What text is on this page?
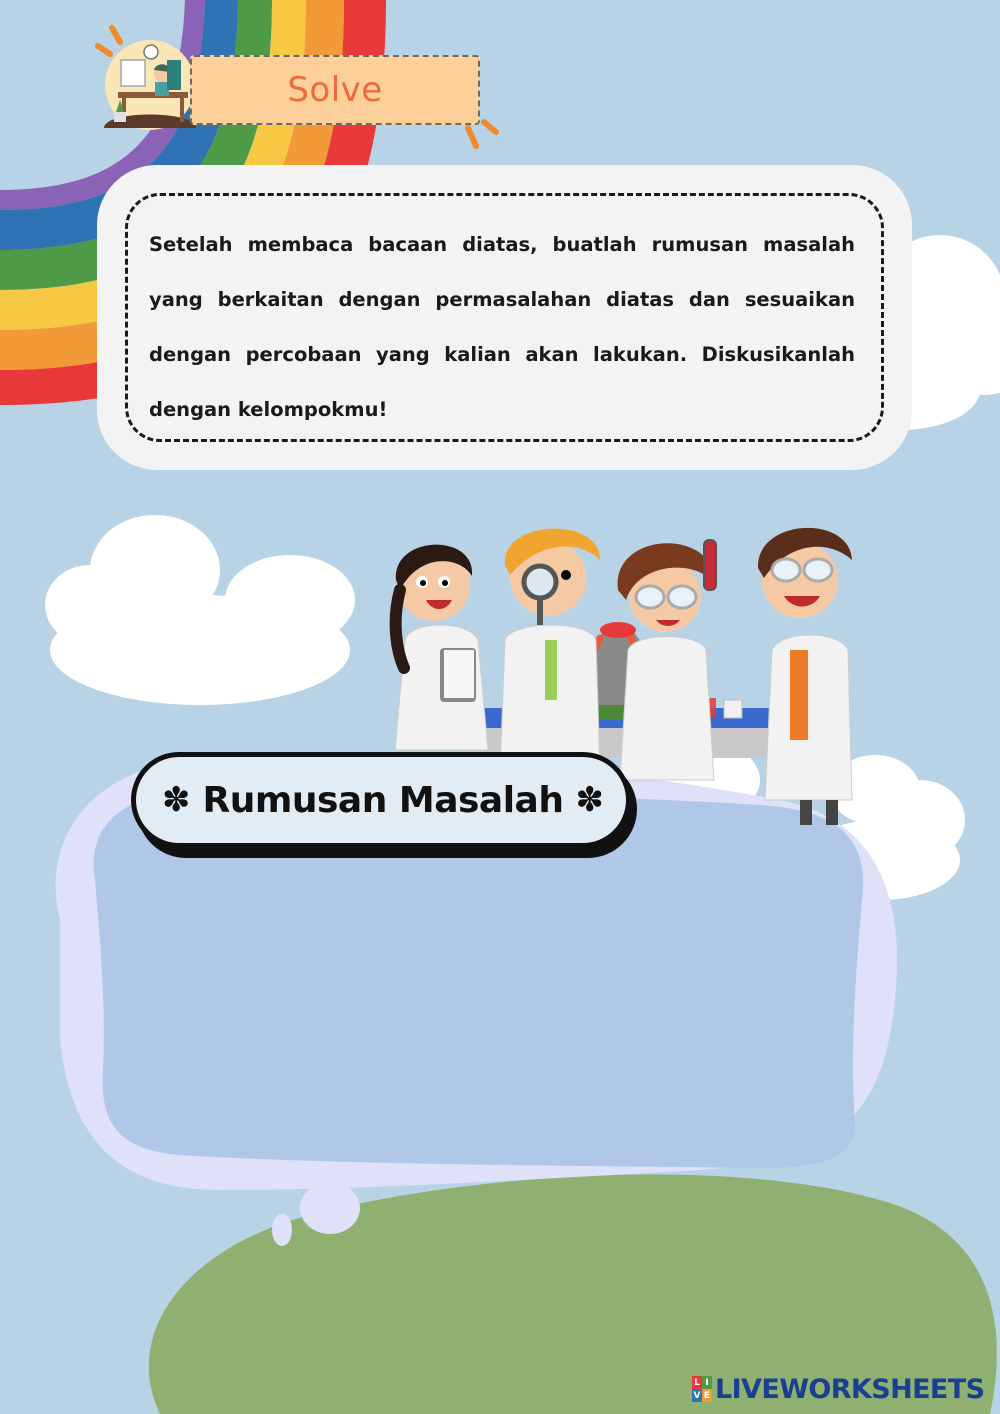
Solve

Setelah membaca bacaan diatas, buatlah rumusan masalah yang berkaitan dengan permasalahan diatas dan sesuaikan dengan percobaan yang kalian akan lakukan. Diskusikanlah dengan kelompokmu!

✽ Rumusan Masalah ✽
L I
V E LIVEWORKSHEETS
